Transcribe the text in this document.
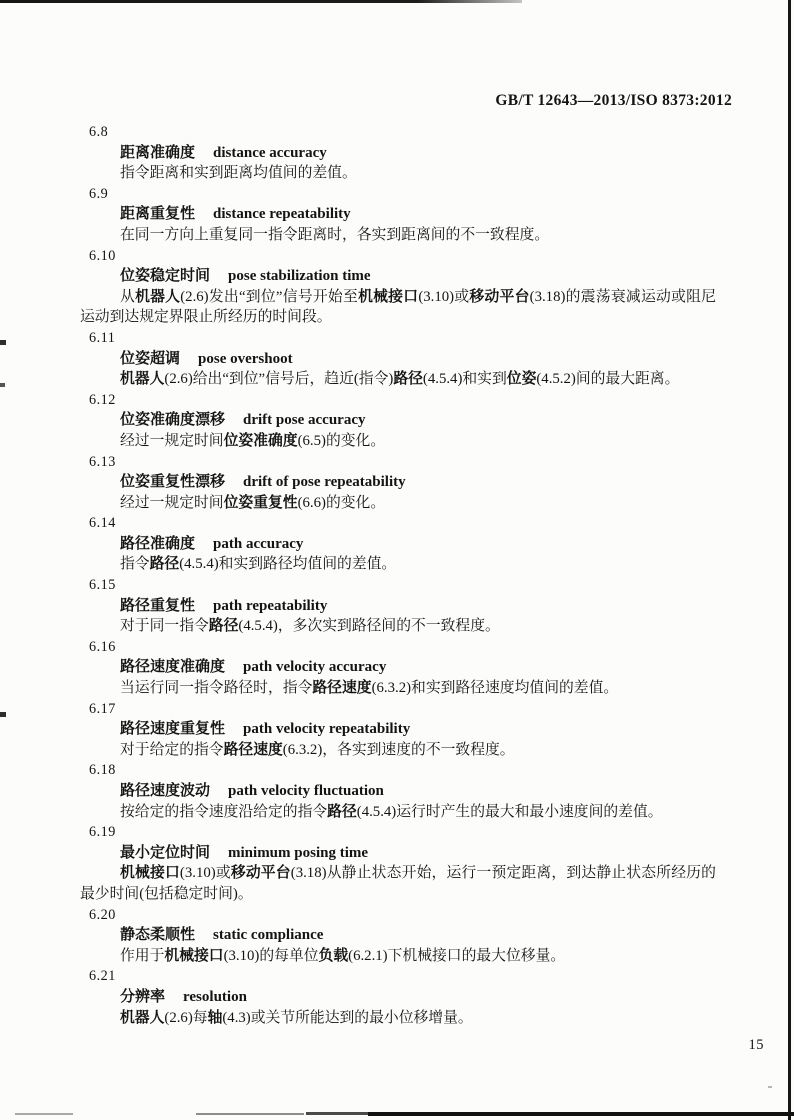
GB/T 12643—2013/ISO 8373:2012
6.8
距离准确度 distance accuracy
指令距离和实到距离均值间的差值。
6.9
距离重复性 distance repeatability
在同一方向上重复同一指令距离时，各实到距离间的不一致程度。
6.10
位姿稳定时间 pose stabilization time
从机器人(2.6)发出“到位”信号开始至机械接口(3.10)或移动平台(3.18)的震荡衰减运动或阻尼运动到达规定界限止所经历的时间段。
6.11
位姿超调 pose overshoot
机器人(2.6)给出“到位”信号后，趋近(指令)路径(4.5.4)和实到位姿(4.5.2)间的最大距离。
6.12
位姿准确度漂移 drift pose accuracy
经过一规定时间位姿准确度(6.5)的变化。
6.13
位姿重复性漂移 drift of pose repeatability
经过一规定时间位姿重复性(6.6)的变化。
6.14
路径准确度 path accuracy
指令路径(4.5.4)和实到路径均值间的差值。
6.15
路径重复性 path repeatability
对于同一指令路径(4.5.4)，多次实到路径间的不一致程度。
6.16
路径速度准确度 path velocity accuracy
当运行同一指令路径时，指令路径速度(6.3.2)和实到路径速度均值间的差值。
6.17
路径速度重复性 path velocity repeatability
对于给定的指令路径速度(6.3.2)，各实到速度的不一致程度。
6.18
路径速度波动 path velocity fluctuation
按给定的指令速度沿给定的指令路径(4.5.4)运行时产生的最大和最小速度间的差值。
6.19
最小定位时间 minimum posing time
机械接口(3.10)或移动平台(3.18)从静止状态开始，运行一预定距离，到达静止状态所经历的最少时间(包括稳定时间)。
6.20
静态柔顺性 static compliance
作用于机械接口(3.10)的每单位负载(6.2.1)下机械接口的最大位移量。
6.21
分辨率 resolution
机器人(2.6)每轴(4.3)或关节所能达到的最小位移增量。
15
